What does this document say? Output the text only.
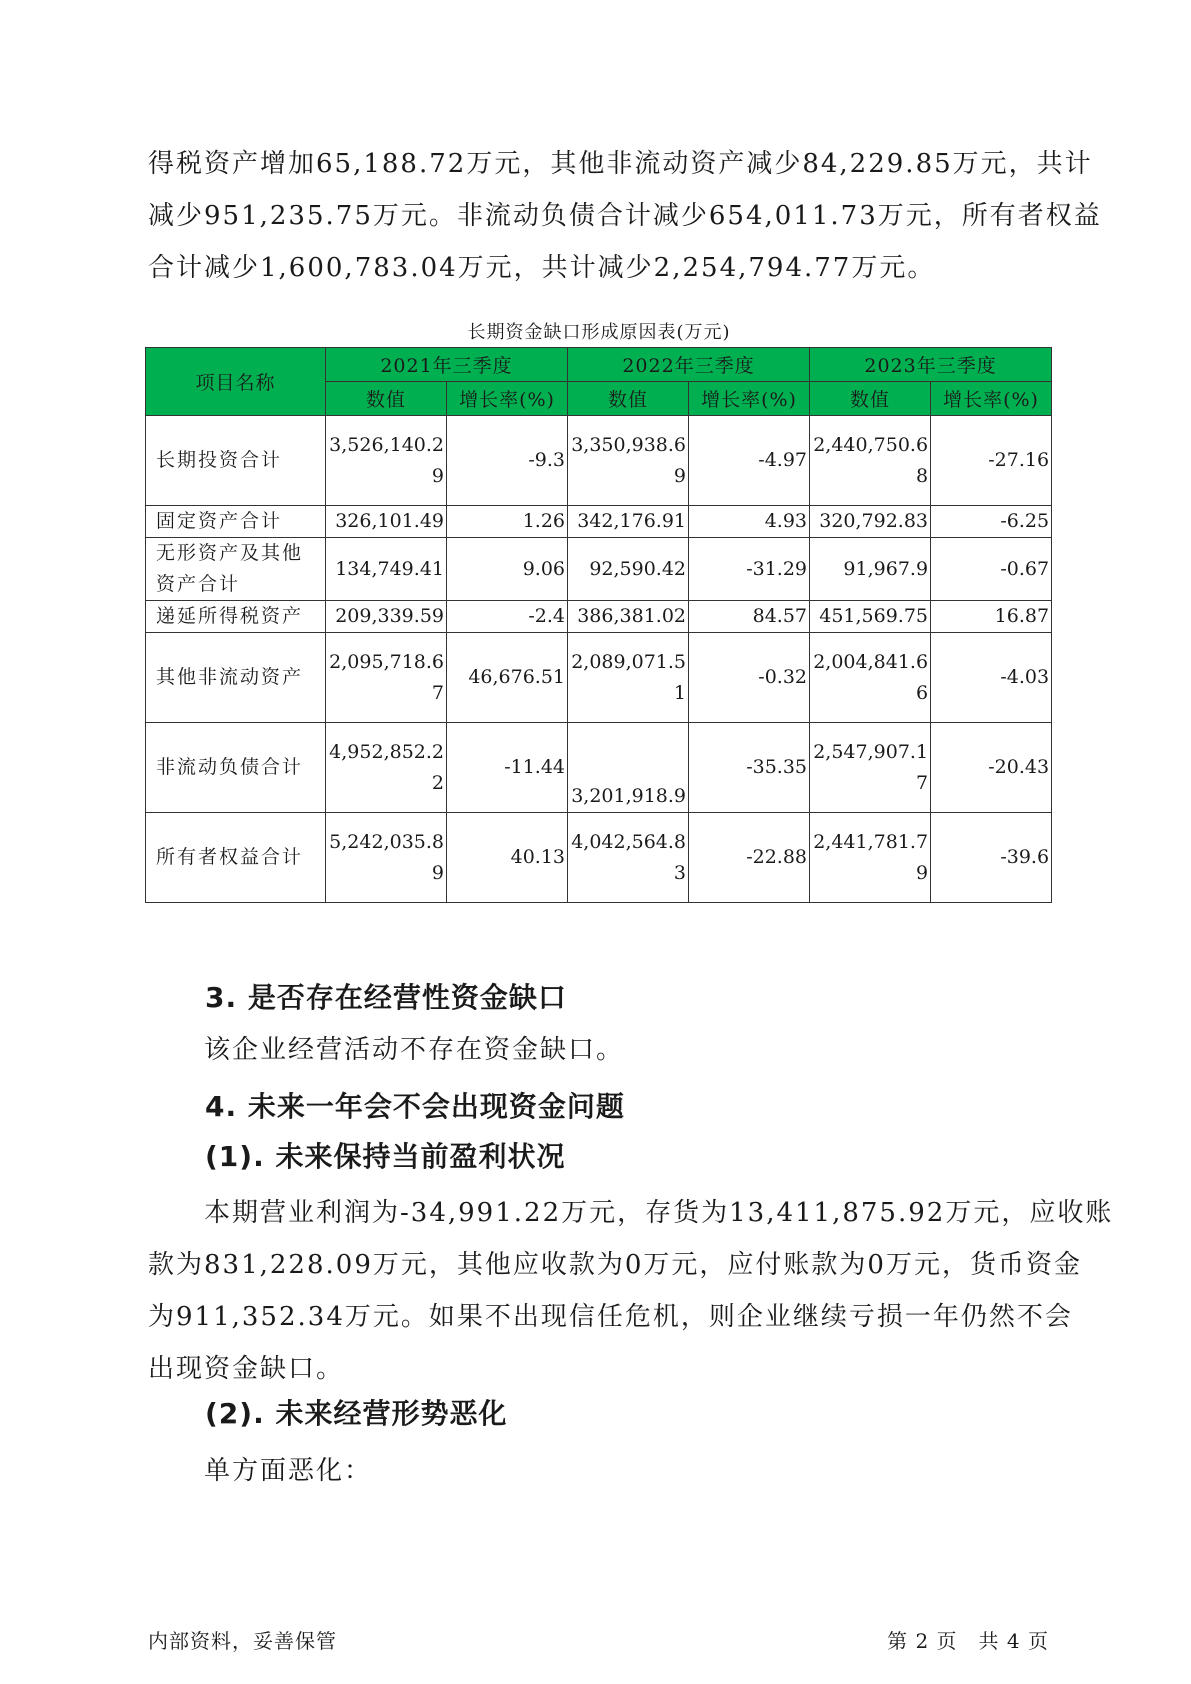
得税资产增加65,188.72万元，其他非流动资产减少84,229.85万元，共计

减少951,235.75万元。非流动负债合计减少654,011.73万元，所有者权益

合计减少1,600,783.04万元，共计减少2,254,794.77万元。

长期资金缺口形成原因表(万元)
项目名称	2021年三季度		2022年三季度		2023年三季度	
	数值	增长率(%)	数值	增长率(%)	数值	增长率(%)
长期投资合计	3,526,140.29	-9.3	3,350,938.69	-4.97	2,440,750.68	-27.16
固定资产合计	326,101.49	1.26	342,176.91	4.93	320,792.83	-6.25
无形资产及其他资产合计	134,749.41	9.06	92,590.42	-31.29	91,967.9	-0.67
递延所得税资产	209,339.59	-2.4	386,381.02	84.57	451,569.75	16.87
其他非流动资产	2,095,718.67	46,676.51	2,089,071.51	-0.32	2,004,841.66	-4.03
非流动负债合计	4,952,852.22	-11.44	3,201,918.9	-35.35	2,547,907.17	-20.43
所有者权益合计	5,242,035.89	40.13	4,042,564.83	-22.88	2,441,781.79	-39.6
3. 是否存在经营性资金缺口

该企业经营活动不存在资金缺口。

4. 未来一年会不会出现资金问题
(1). 未来保持当前盈利状况

本期营业利润为-34,991.22万元，存货为13,411,875.92万元，应收账

款为831,228.09万元，其他应收款为0万元，应付账款为0万元，货币资金

为911,352.34万元。如果不出现信任危机，则企业继续亏损一年仍然不会

出现资金缺口。

(2). 未来经营形势恶化

单方面恶化：

内部资料，妥善保管	第 2 页　共 4 页
